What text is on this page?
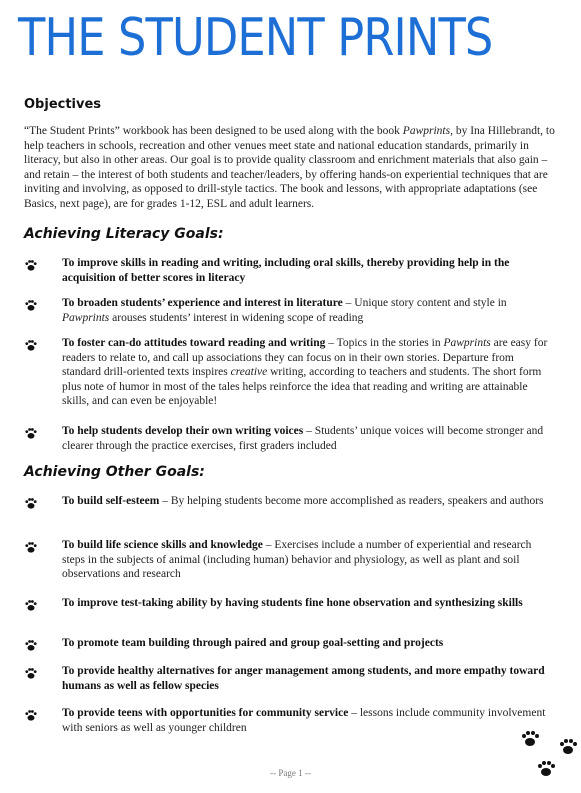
THE STUDENT PRINTS
Objectives
“The Student Prints” workbook has been designed to be used along with the book Pawprints, by Ina Hillebrandt, to help teachers in schools, recreation and other venues meet state and national education standards, primarily in literacy, but also in other areas. Our goal is to provide quality classroom and enrichment materials that also gain – and retain – the interest of both students and teacher/leaders, by offering hands-on experiential techniques that are inviting and involving, as opposed to drill-style tactics. The book and lessons, with appropriate adaptations (see Basics, next page), are for grades 1-12, ESL and adult learners.
Achieving Literacy Goals:
To improve skills in reading and writing, including oral skills, thereby providing help in the acquisition of better scores in literacy
To broaden students’ experience and interest in literature – Unique story content and style in Pawprints arouses students’ interest in widening scope of reading
To foster can-do attitudes toward reading and writing – Topics in the stories in Pawprints are easy for readers to relate to, and call up associations they can focus on in their own stories. Departure from standard drill-oriented texts inspires creative writing, according to teachers and students. The short form plus note of humor in most of the tales helps reinforce the idea that reading and writing are attainable skills, and can even be enjoyable!
To help students develop their own writing voices – Students’ unique voices will become stronger and clearer through the practice exercises, first graders included
Achieving Other Goals:
To build self-esteem – By helping students become more accomplished as readers, speakers and authors
To build life science skills and knowledge – Exercises include a number of experiential and research steps in the subjects of animal (including human) behavior and physiology, as well as plant and soil observations and research
To improve test-taking ability by having students fine hone observation and synthesizing skills
To promote team building through paired and group goal-setting and projects
To provide healthy alternatives for anger management among students, and more empathy toward humans as well as fellow species
To provide teens with opportunities for community service – lessons include community involvement with seniors as well as younger children
-- Page 1 --
